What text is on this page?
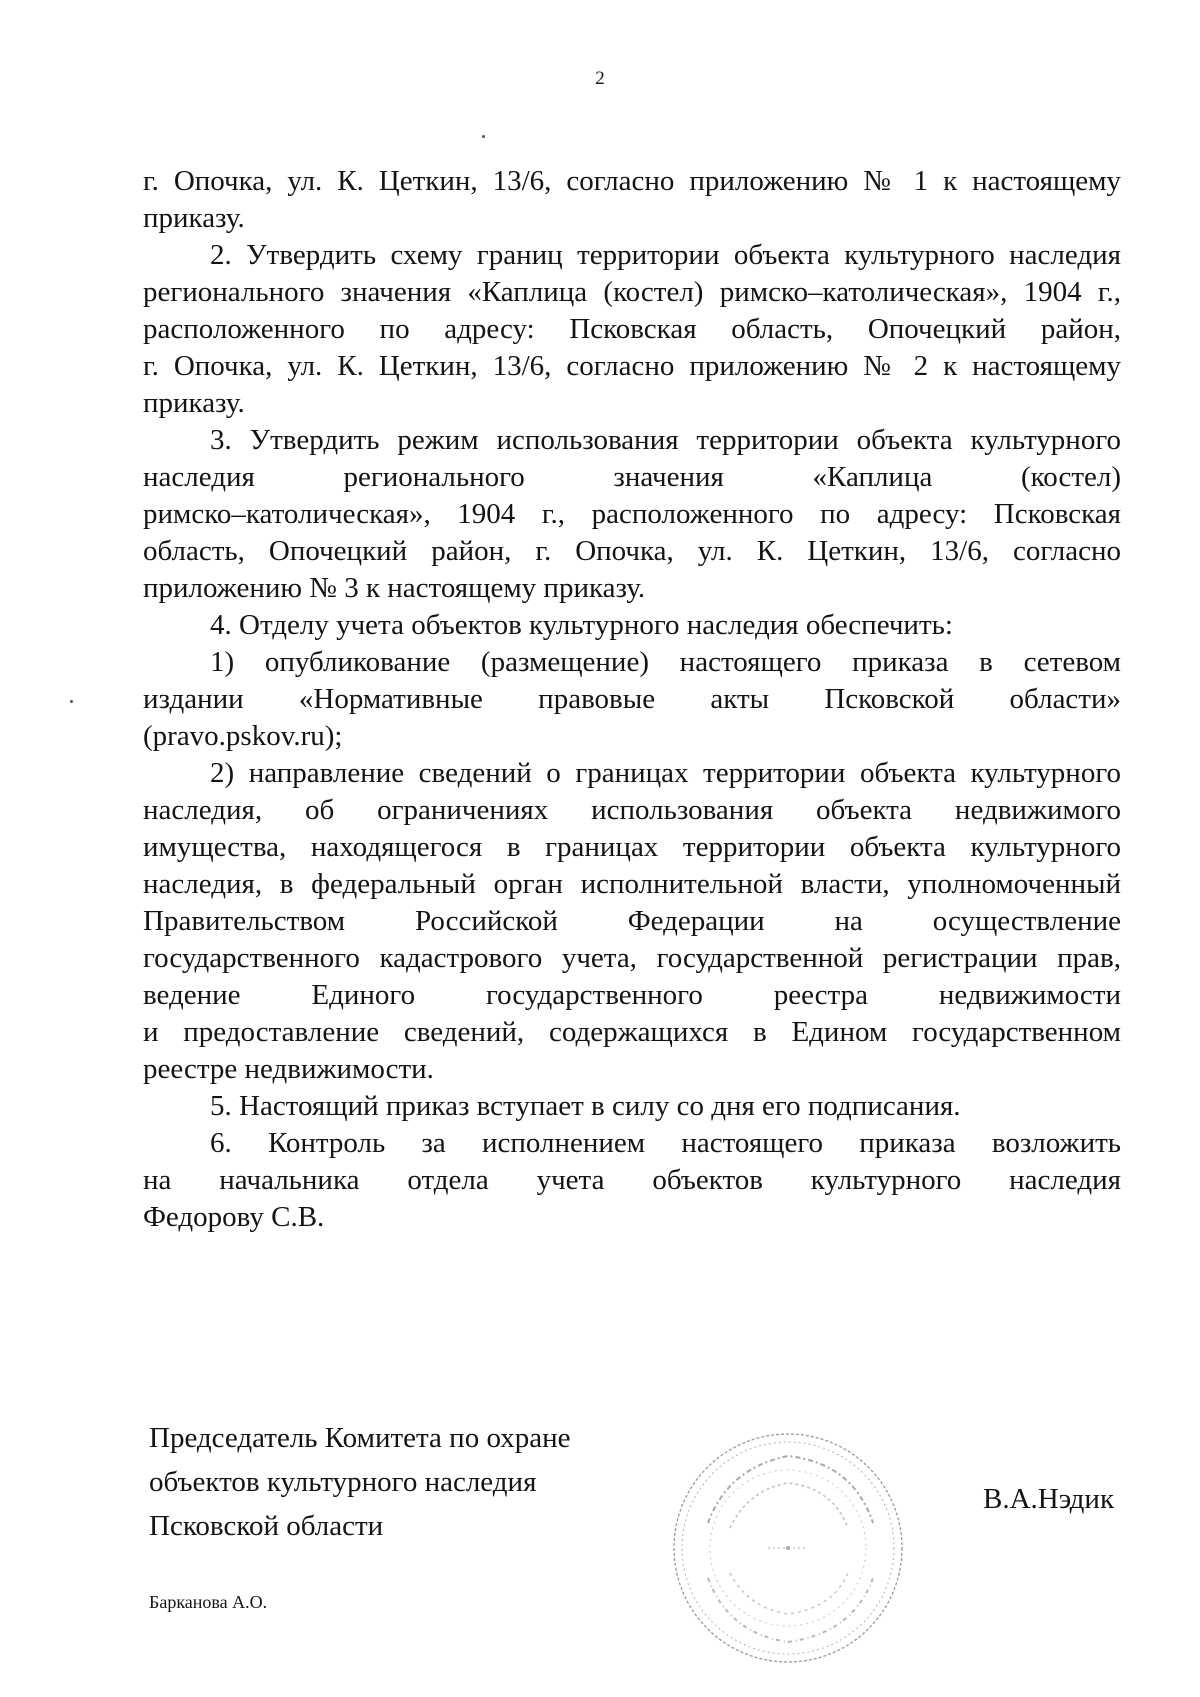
2
г. Опочка, ул. К. Цеткин, 13/6, согласно приложению № 1 к настоящему
приказу.
2. Утвердить схему границ территории объекта культурного наследия
регионального значения «Каплица (костел) римско–католическая», 1904 г.,
расположенного по адресу: Псковская область, Опочецкий район,
г. Опочка, ул. К. Цеткин, 13/6, согласно приложению № 2 к настоящему
приказу.
3. Утвердить режим использования территории объекта культурного
наследия регионального значения «Каплица (костел)
римско–католическая», 1904 г., расположенного по адресу: Псковская
область, Опочецкий район, г. Опочка, ул. К. Цеткин, 13/6, согласно
приложению № 3 к настоящему приказу.
4. Отделу учета объектов культурного наследия обеспечить:
1) опубликование (размещение) настоящего приказа в сетевом
издании «Нормативные правовые акты Псковской области»
(pravo.pskov.ru);
2) направление сведений о границах территории объекта культурного
наследия, об ограничениях использования объекта недвижимого
имущества, находящегося в границах территории объекта культурного
наследия, в федеральный орган исполнительной власти, уполномоченный
Правительством Российской Федерации на осуществление
государственного кадастрового учета, государственной регистрации прав,
ведение Единого государственного реестра недвижимости
и предоставление сведений, содержащихся в Едином государственном
реестре недвижимости.
5. Настоящий приказ вступает в силу со дня его подписания.
6. Контроль за исполнением настоящего приказа возложить
на начальника отдела учета объектов культурного наследия
Федорову С.В.
Председатель Комитета по охране
объектов культурного наследия
Псковской области
В.А.Нэдик
Барканова А.О.
